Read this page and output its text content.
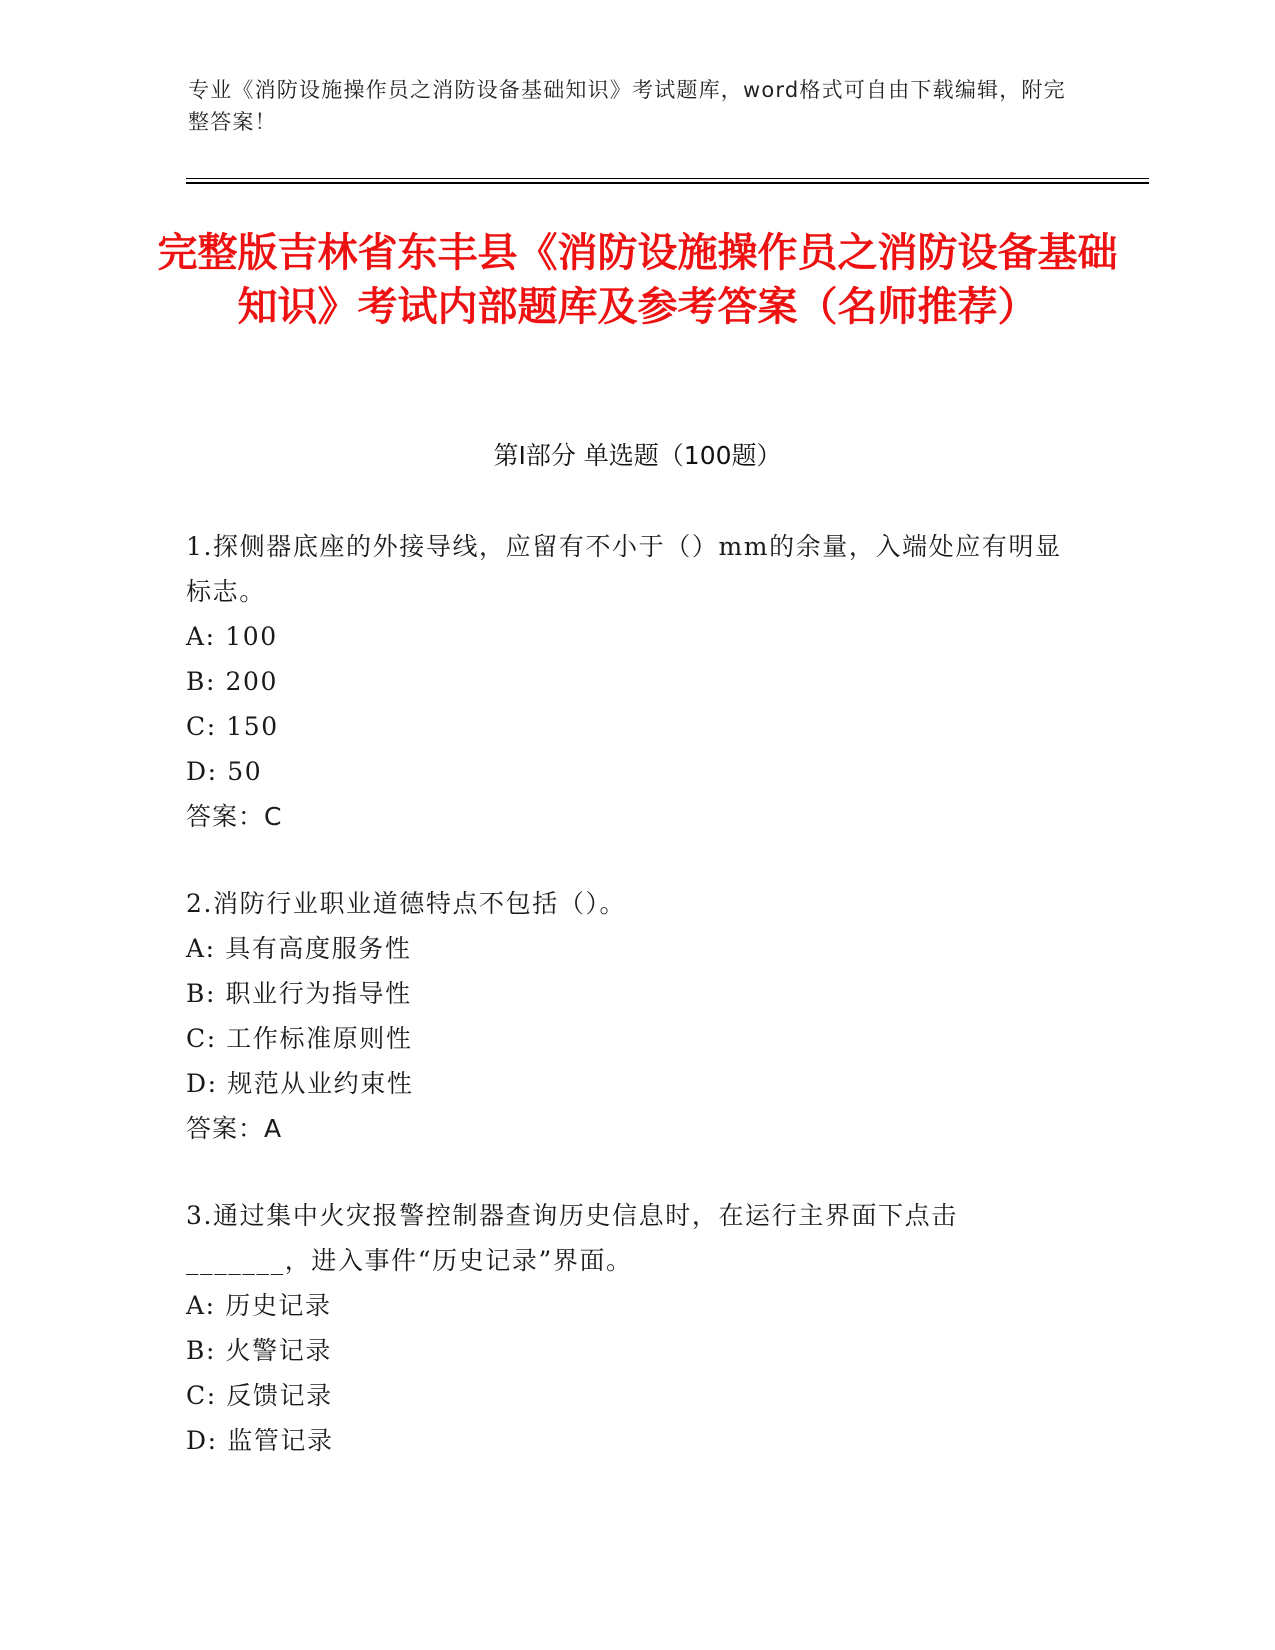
专业《消防设施操作员之消防设备基础知识》考试题库，word格式可自由下载编辑，附完整答案！
完整版吉林省东丰县《消防设施操作员之消防设备基础知识》考试内部题库及参考答案（名师推荐）
第Ⅰ部分 单选题（100题）
1.探侧器底座的外接导线，应留有不小于（）mm的余量，入端处应有明显标志。
A: 100
B: 200
C: 150
D: 50
答案：C
2.消防行业职业道德特点不包括（）。
A: 具有高度服务性
B: 职业行为指导性
C: 工作标准原则性
D: 规范从业约束性
答案：A
3.通过集中火灾报警控制器查询历史信息时，在运行主界面下点击_______，进入事件“历史记录”界面。
A: 历史记录
B: 火警记录
C: 反馈记录
D: 监管记录
